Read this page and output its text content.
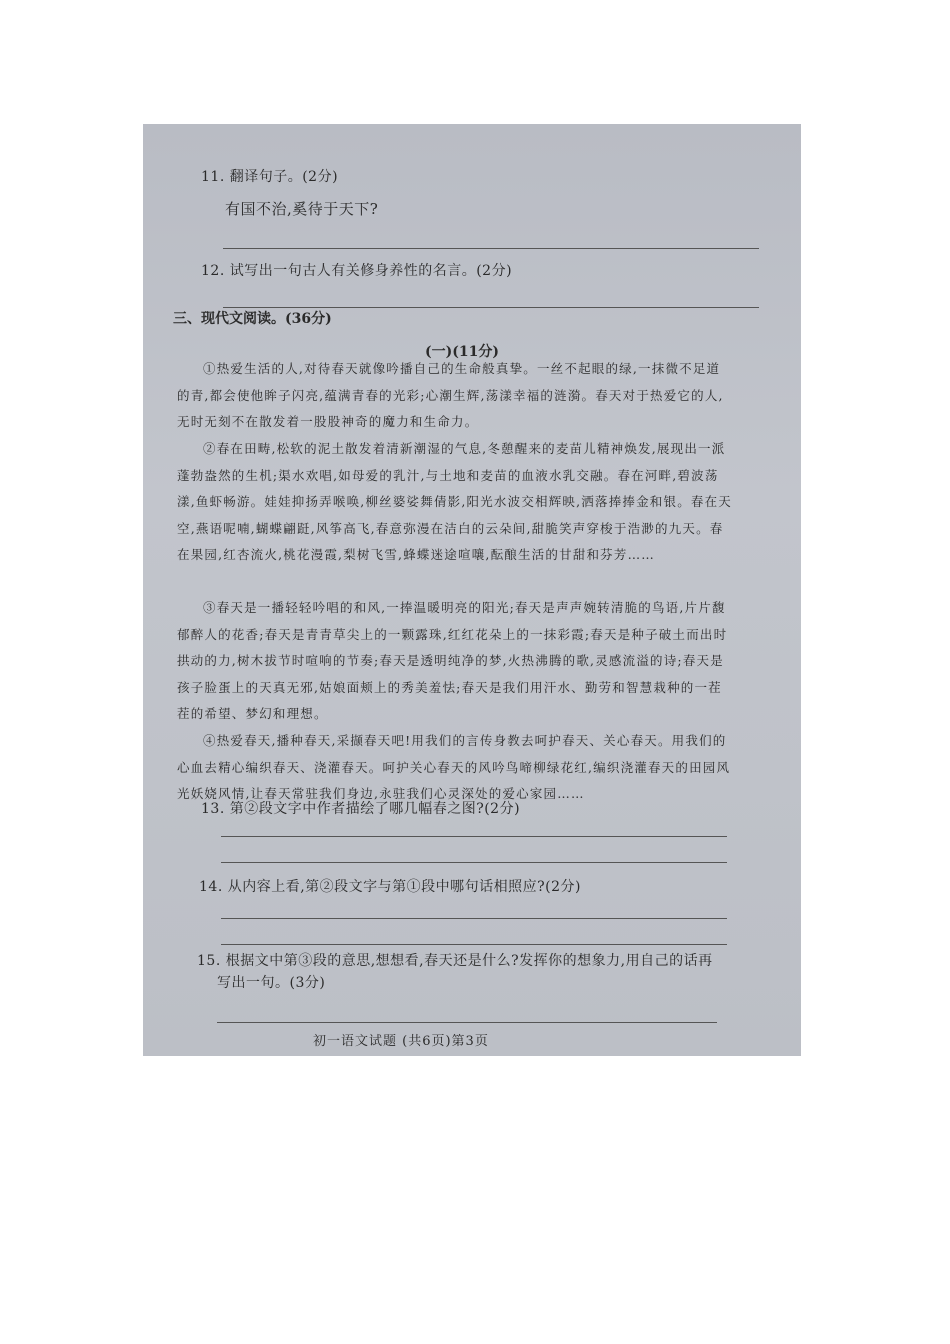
11. 翻译句子。(2分)
有国不治,奚待于天下?
12. 试写出一句古人有关修身养性的名言。(2分)
三、现代文阅读。(36分)
(一)(11分)
①热爱生活的人,对待春天就像吟播自己的生命般真挚。一丝不起眼的绿,一抹微不足道的青,都会使他眸子闪亮,蕴满青春的光彩;心潮生辉,荡漾幸福的涟漪。春天对于热爱它的人,无时无刻不在散发着一股股神奇的魔力和生命力。
②春在田畴,松软的泥土散发着清新潮湿的气息,冬憩醒来的麦苗儿精神焕发,展现出一派蓬勃盎然的生机;渠水欢唱,如母爱的乳汁,与土地和麦苗的血液水乳交融。春在河畔,碧波荡漾,鱼虾畅游。娃娃抑扬弄喉唤,柳丝婆娑舞倩影,阳光水波交相辉映,洒落捧捧金和银。春在天空,燕语呢喃,蝴蝶翩跹,风筝高飞,春意弥漫在洁白的云朵间,甜脆笑声穿梭于浩渺的九天。春在果园,红杏流火,桃花漫霞,梨树飞雪,蜂蝶迷途喧嚷,酝酿生活的甘甜和芬芳……
③春天是一播轻轻吟唱的和风,一捧温暖明亮的阳光;春天是声声婉转清脆的鸟语,片片馥郁醉人的花香;春天是青青草尖上的一颗露珠,红红花朵上的一抹彩霞;春天是种子破土而出时拱动的力,树木拔节时喧响的节奏;春天是透明纯净的梦,火热沸腾的歌,灵感流溢的诗;春天是孩子脸蛋上的天真无邪,姑娘面颊上的秀美羞怯;春天是我们用汗水、勤劳和智慧栽种的一茬茬的希望、梦幻和理想。
④热爱春天,播种春天,采撷春天吧!用我们的言传身教去呵护春天、关心春天。用我们的心血去精心编织春天、浇灌春天。呵护关心春天的风吟鸟啼柳绿花红,编织浇灌春天的田园风光妖娆风情,让春天常驻我们身边,永驻我们心灵深处的爱心家园……
13. 第②段文字中作者描绘了哪几幅春之图?(2分)
14. 从内容上看,第②段文字与第①段中哪句话相照应?(2分)
15. 根据文中第③段的意思,想想看,春天还是什么?发挥你的想象力,用自己的话再
写出一句。(3分)
初一语文试题 (共6页)第3页
